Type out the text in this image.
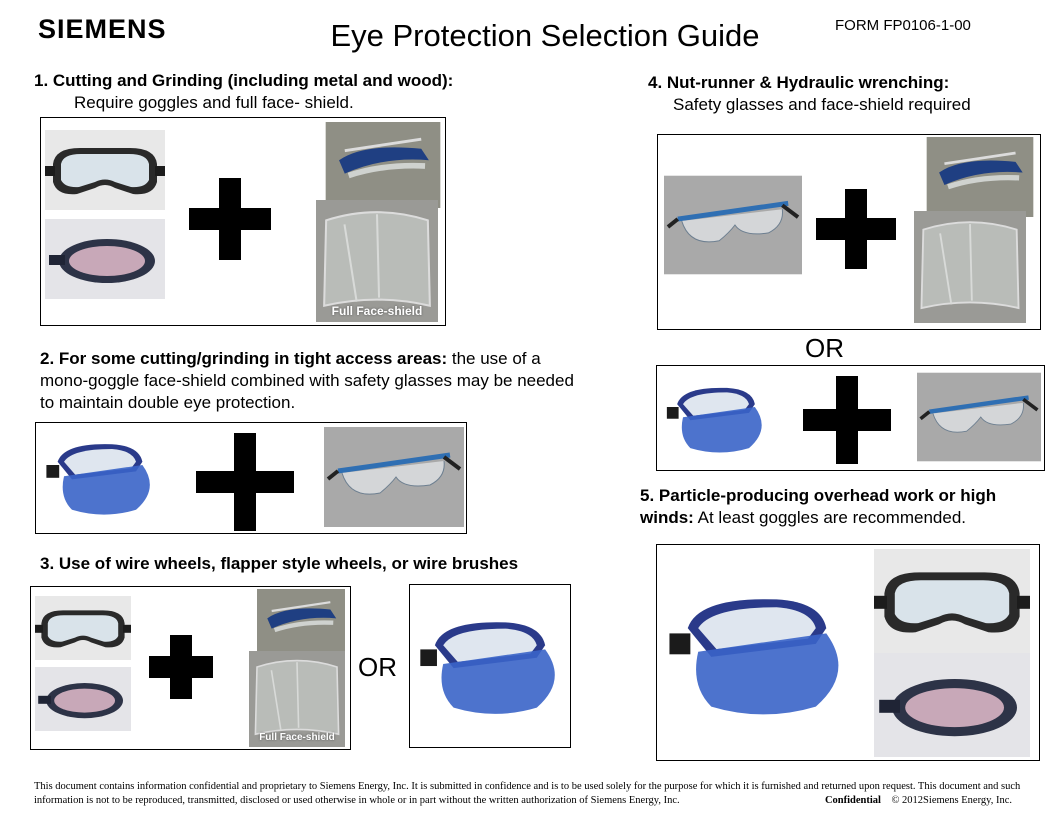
SIEMENS	Eye Protection Selection Guide	FORM FP0106-1-00
1. Cutting and Grinding (including metal and wood):
Require goggles and full face- shield.
Full Face-shield
2. For some cutting/grinding in tight access areas: the use of a mono-goggle face-shield combined with safety glasses may be needed to maintain double eye protection.
3. Use of wire wheels, flapper style wheels, or wire brushes
Full Face-shield
OR
4. Nut-runner & Hydraulic wrenching:
Safety glasses and face-shield required
OR
5. Particle-producing overhead work or high winds: At least goggles are recommended.
This document contains information confidential and proprietary to Siemens Energy, Inc. It is submitted in confidence and is to be used solely for the purpose for which it is furnished and returned upon request. This document and such information is not to be reproduced, transmitted, disclosed or used otherwise in whole or in part without the written authorization of Siemens Energy, Inc.	Confidential © 2012Siemens Energy, Inc.
